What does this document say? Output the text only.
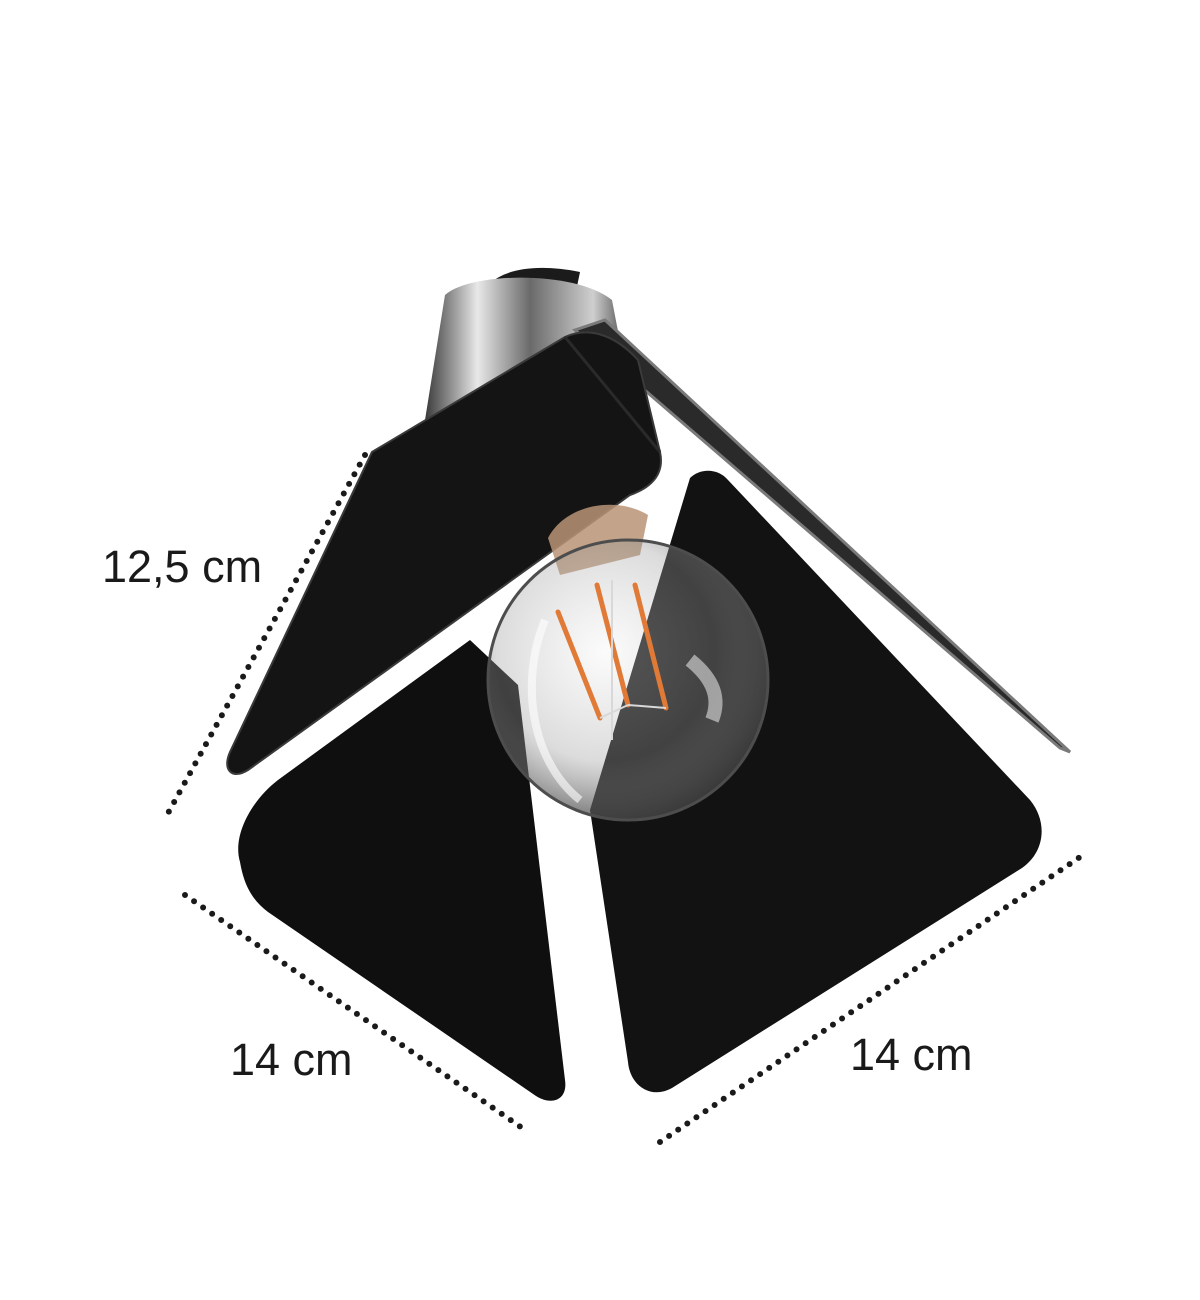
12,5 cm
14 cm	14 cm
